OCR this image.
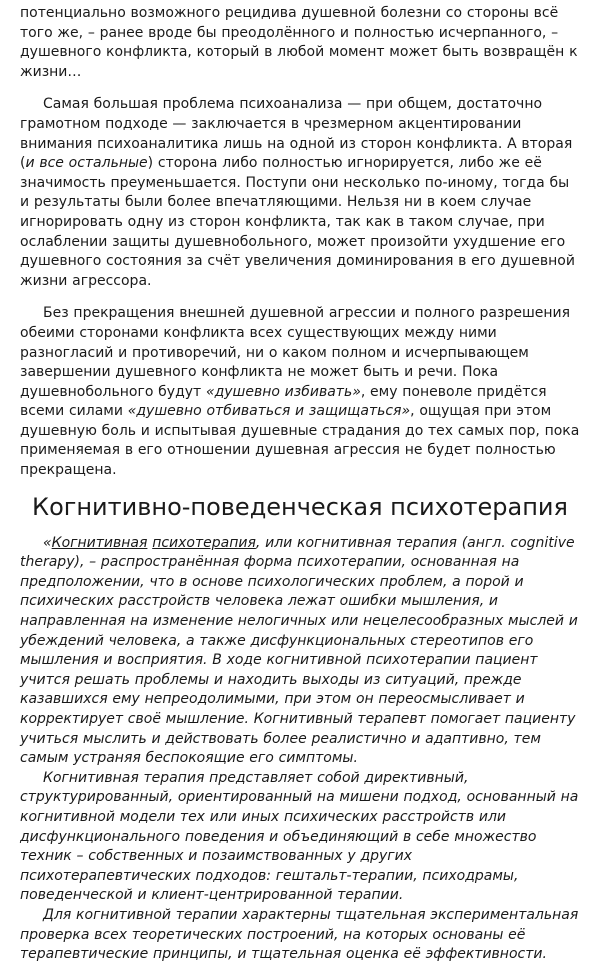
потенциально возможного рецидива душевной болезни со стороны всё того же, – ранее вроде бы преодолённого и полностью исчерпанного, – душевного конфликта, который в любой момент может быть возвращён к жизни…

Самая большая проблема психоанализа — при общем, достаточно грамотном подходе — заключается в чрезмерном акцентировании внимания психоаналитика лишь на одной из сторон конфликта. А вторая (и все остальные) сторона либо полностью игнорируется, либо же её значимость преуменьшается. Поступи они несколько по-иному, тогда бы и результаты были более впечатляющими. Нельзя ни в коем случае игнорировать одну из сторон конфликта, так как в таком случае, при ослаблении защиты душевнобольного, может произойти ухудшение его душевного состояния за счёт увеличения доминирования в его душевной жизни агрессора.

Без прекращения внешней душевной агрессии и полного разрешения обеими сторонами конфликта всех существующих между ними разногласий и противоречий, ни о каком полном и исчерпывающем завершении душевного конфликта не может быть и речи. Пока душевнобольного будут «душевно избивать», ему поневоле придётся всеми силами «душевно отбиваться и защищаться», ощущая при этом душевную боль и испытывая душевные страдания до тех самых пор, пока применяемая в его отношении душевная агрессия не будет полностью прекращена.

Когнитивно-поведенческая психотерапия

«Когнитивная психотерапия, или когнитивная терапия (англ. cognitive therapy), – распространённая форма психотерапии, основанная на предположении, что в основе психологических проблем, а порой и психических расстройств человека лежат ошибки мышления, и направленная на изменение нелогичных или нецелесообразных мыслей и убеждений человека, а также дисфункциональных стереотипов его мышления и восприятия. В ходе когнитивной психотерапии пациент учится решать проблемы и находить выходы из ситуаций, прежде казавшихся ему непреодолимыми, при этом он переосмысливает и корректирует своё мышление. Когнитивный терапевт помогает пациенту учиться мыслить и действовать более реалистично и адаптивно, тем самым устраняя беспокоящие его симптомы.

Когнитивная терапия представляет собой директивный, структурированный, ориентированный на мишени подход, основанный на когнитивной модели тех или иных психических расстройств или дисфункционального поведения и объединяющий в себе множество техник – собственных и позаимствованных у других психотерапевтических подходов: гештальт-терапии, психодрамы, поведенческой и клиент-центрированной терапии.

Для когнитивной терапии характерны тщательная экспериментальная проверка всех теоретических построений, на которых основаны её терапевтические принципы, и тщательная оценка её эффективности.
